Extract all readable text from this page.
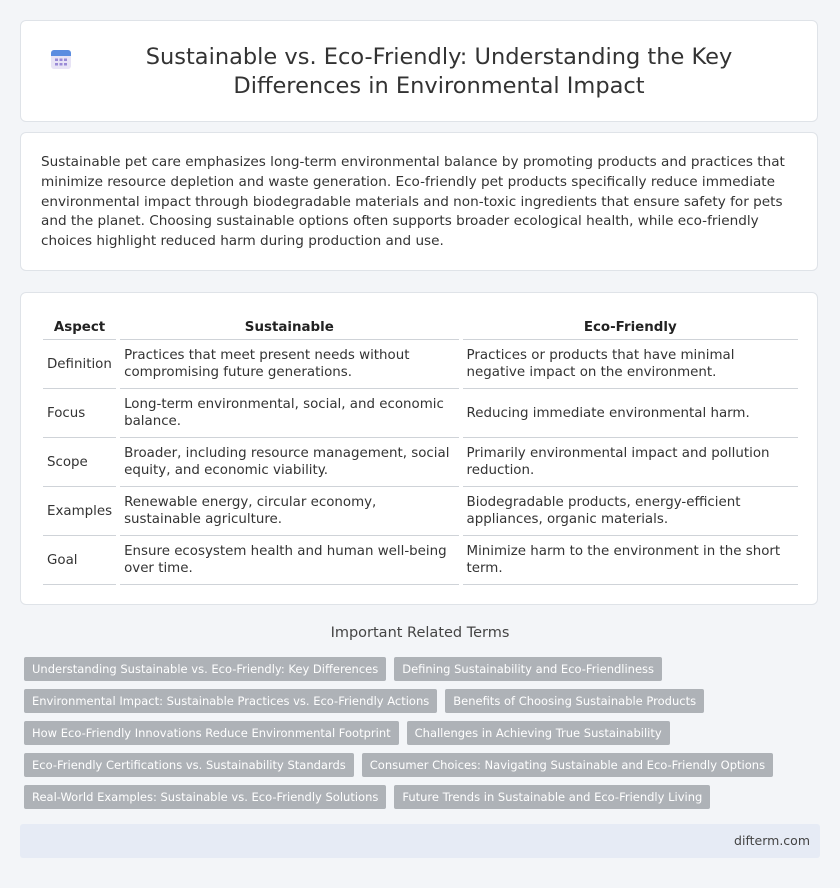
Sustainable vs. Eco-Friendly: Understanding the Key Differences in Environmental Impact

Sustainable pet care emphasizes long-term environmental balance by promoting products and practices that minimize resource depletion and waste generation. Eco-friendly pet products specifically reduce immediate environmental impact through biodegradable materials and non-toxic ingredients that ensure safety for pets and the planet. Choosing sustainable options often supports broader ecological health, while eco-friendly choices highlight reduced harm during production and use.

Aspect	Sustainable	Eco-Friendly
Definition	Practices that meet present needs without compromising future generations.	Practices or products that have minimal negative impact on the environment.
Focus	Long-term environmental, social, and economic balance.	Reducing immediate environmental harm.
Scope	Broader, including resource management, social equity, and economic viability.	Primarily environmental impact and pollution reduction.
Examples	Renewable energy, circular economy, sustainable agriculture.	Biodegradable products, energy-efficient appliances, organic materials.
Goal	Ensure ecosystem health and human well-being over time.	Minimize harm to the environment in the short term.
Important Related Terms
Understanding Sustainable vs. Eco-Friendly: Key Differences	Defining Sustainability and Eco-Friendliness
Environmental Impact: Sustainable Practices vs. Eco-Friendly Actions	Benefits of Choosing Sustainable Products
How Eco-Friendly Innovations Reduce Environmental Footprint	Challenges in Achieving True Sustainability
Eco-Friendly Certifications vs. Sustainability Standards	Consumer Choices: Navigating Sustainable and Eco-Friendly Options
Real-World Examples: Sustainable vs. Eco-Friendly Solutions	Future Trends in Sustainable and Eco-Friendly Living
difterm.com
